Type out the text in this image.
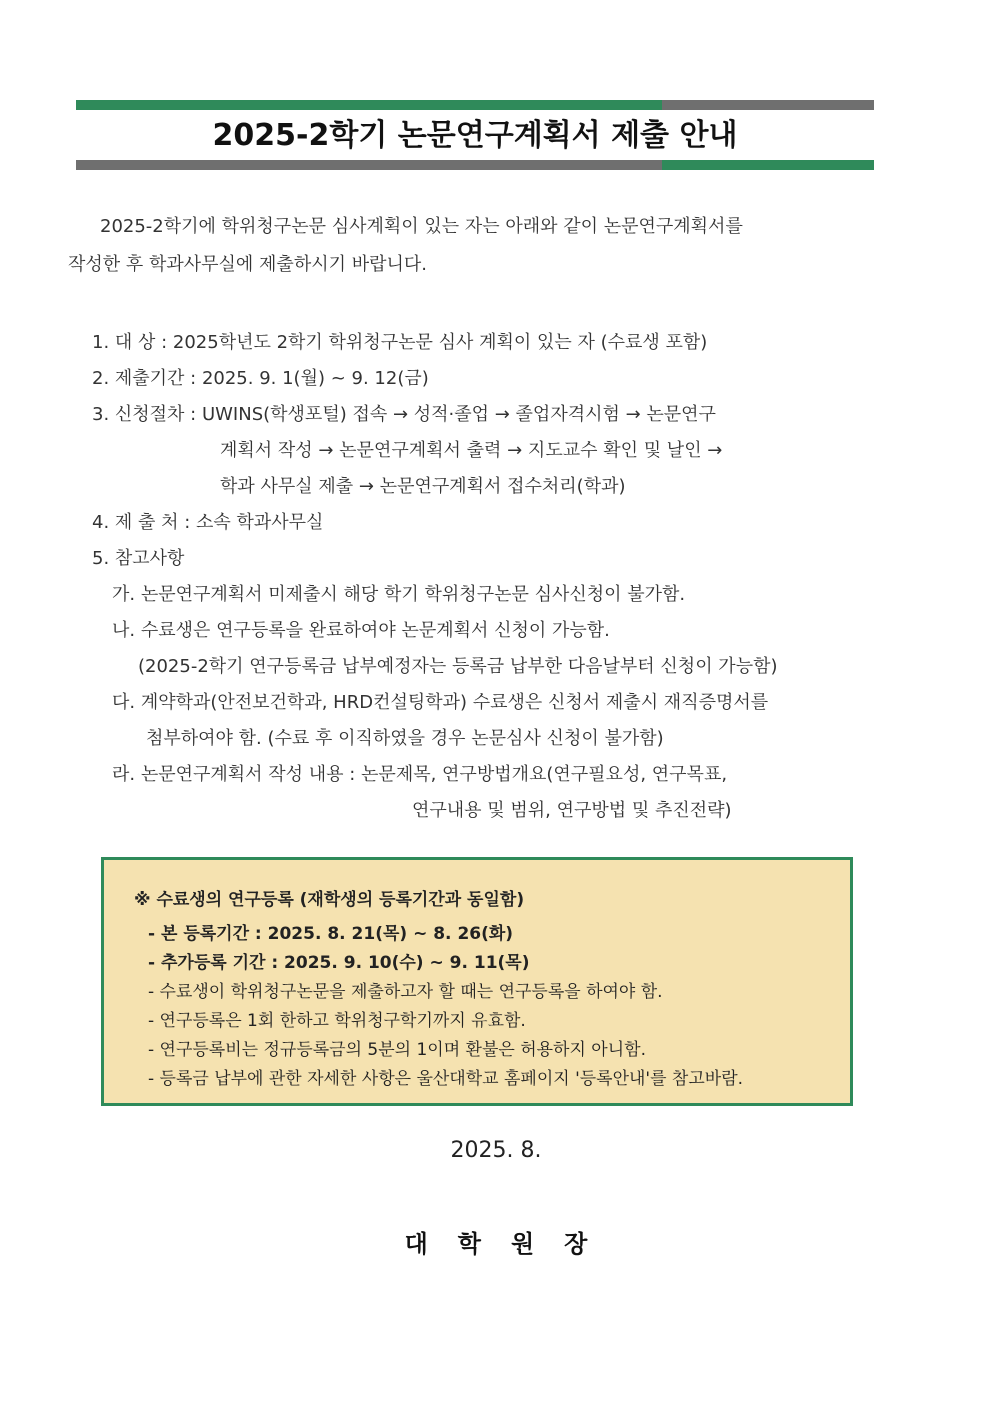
2025-2학기 논문연구계획서 제출 안내
2025-2학기에 학위청구논문 심사계획이 있는 자는 아래와 같이 논문연구계획서를
작성한 후 학과사무실에 제출하시기 바랍니다.
1. 대 상 : 2025학년도 2학기 학위청구논문 심사 계획이 있는 자 (수료생 포함)
2. 제출기간 : 2025. 9. 1(월) ~ 9. 12(금)
3. 신청절차 : UWINS(학생포털) 접속 → 성적·졸업 → 졸업자격시험 → 논문연구
계획서 작성 → 논문연구계획서 출력 → 지도교수 확인 및 날인 →
학과 사무실 제출 → 논문연구계획서 접수처리(학과)
4. 제 출 처 : 소속 학과사무실
5. 참고사항
가. 논문연구계획서 미제출시 해당 학기 학위청구논문 심사신청이 불가함.
나. 수료생은 연구등록을 완료하여야 논문계획서 신청이 가능함.
(2025-2학기 연구등록금 납부예정자는 등록금 납부한 다음날부터 신청이 가능함)
다. 계약학과(안전보건학과, HRD컨설팅학과) 수료생은 신청서 제출시 재직증명서를
첨부하여야 함. (수료 후 이직하였을 경우 논문심사 신청이 불가함)
라. 논문연구계획서 작성 내용 : 논문제목, 연구방법개요(연구필요성, 연구목표,
연구내용 및 범위, 연구방법 및 추진전략)
※ 수료생의 연구등록 (재학생의 등록기간과 동일함)
- 본 등록기간 : 2025. 8. 21(목) ~ 8. 26(화)
- 추가등록 기간 : 2025. 9. 10(수) ~ 9. 11(목)
- 수료생이 학위청구논문을 제출하고자 할 때는 연구등록을 하여야 함.
- 연구등록은 1회 한하고 학위청구학기까지 유효함.
- 연구등록비는 정규등록금의 5분의 1이며 환불은 허용하지 아니함.
- 등록금 납부에 관한 자세한 사항은 울산대학교 홈페이지 '등록안내'를 참고바람.
2025. 8.
대학원장
